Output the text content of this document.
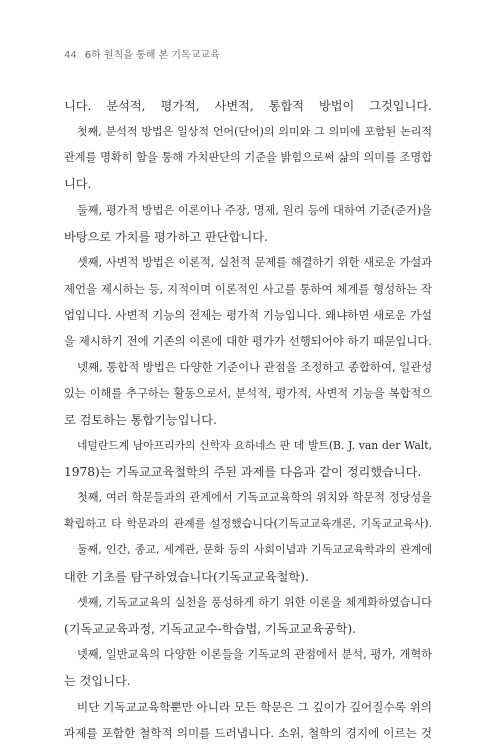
44 6하 원칙을 통해 본 기독교교육
니다. 분석적, 평가적, 사변적, 통합적 방법이 그것입니다.
첫째, 분석적 방법은 일상적 언어(단어)의 의미와 그 의미에 포함된 논리적
관계를 명확히 함을 통해 가치판단의 기준을 밝힘으로써 삶의 의미를 조명합
니다.
둘째, 평가적 방법은 이론이나 주장, 명제, 원리 등에 대하여 기준(준거)을
바탕으로 가치를 평가하고 판단합니다.
셋째, 사변적 방법은 이론적, 실천적 문제를 해결하기 위한 새로운 가설과
제언을 제시하는 등, 지적이며 이론적인 사고를 통하여 체계를 형성하는 작
업입니다. 사변적 기능의 전제는 평가적 기능입니다. 왜냐하면 새로운 가설
을 제시하기 전에 기존의 이론에 대한 평가가 선행되어야 하기 때문입니다.
넷째, 통합적 방법은 다양한 기준이나 관점을 조정하고 종합하여, 일관성
있는 이해를 추구하는 활동으로서, 분석적, 평가적, 사변적 기능을 복합적으
로 검토하는 통합기능입니다.
네덜란드계 남아프리카의 신학자 요하네스 판 데 발트(B. J. van der Walt,
1978)는 기독교교육철학의 주된 과제를 다음과 같이 정리했습니다.
첫째, 여러 학문들과의 관계에서 기독교교육학의 위치와 학문적 정당성을
확립하고 타 학문과의 관계를 설정했습니다(기독교교육개론, 기독교교육사).
둘째, 인간, 종교, 세계관, 문화 등의 사회이념과 기독교교육학과의 관계에
대한 기초를 탐구하였습니다(기독교교육철학).
셋째, 기독교교육의 실천을 풍성하게 하기 위한 이론을 체계화하였습니다
(기독교교육과정, 기독교교수-학습법, 기독교교육공학).
넷째, 일반교육의 다양한 이론들을 기독교의 관점에서 분석, 평가, 개혁하
는 것입니다.
비단 기독교교육학뿐만 아니라 모든 학문은 그 깊이가 깊어질수록 위의
과제를 포함한 철학적 의미를 드러냅니다. 소위, 철학의 경지에 이르는 것
